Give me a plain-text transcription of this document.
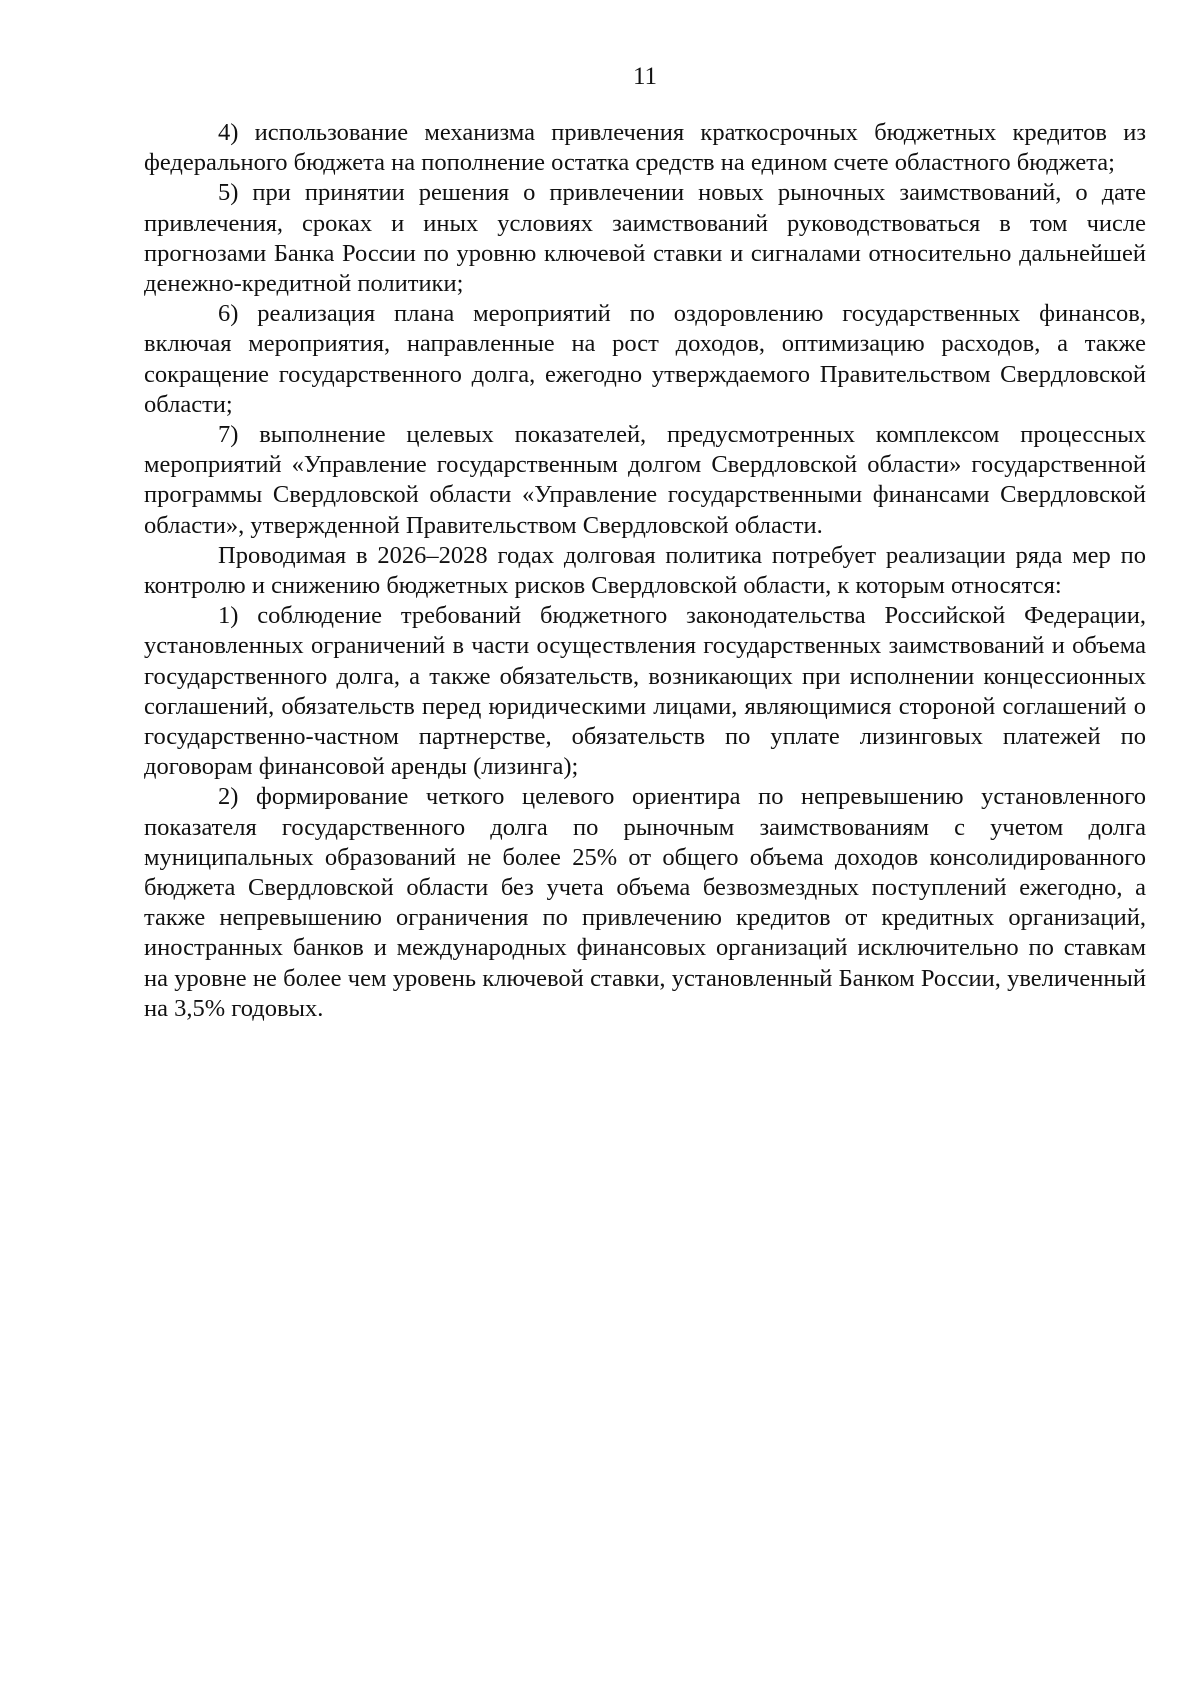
11

4) использование механизма привлечения краткосрочных бюджетных кредитов из федерального бюджета на пополнение остатка средств на едином счете областного бюджета;

5) при принятии решения о привлечении новых рыночных заимствований, о дате привлечения, сроках и иных условиях заимствований руководствоваться в том числе прогнозами Банка России по уровню ключевой ставки и сигналами относительно дальнейшей денежно-кредитной политики;

6) реализация плана мероприятий по оздоровлению государственных финансов, включая мероприятия, направленные на рост доходов, оптимизацию расходов, а также сокращение государственного долга, ежегодно утверждаемого Правительством Свердловской области;

7) выполнение целевых показателей, предусмотренных комплексом процессных мероприятий «Управление государственным долгом Свердловской области» государственной программы Свердловской области «Управление государственными финансами Свердловской области», утвержденной Правительством Свердловской области.

Проводимая в 2026–2028 годах долговая политика потребует реализации ряда мер по контролю и снижению бюджетных рисков Свердловской области, к которым относятся:

1) соблюдение требований бюджетного законодательства Российской Федерации, установленных ограничений в части осуществления государственных заимствований и объема государственного долга, а также обязательств, возникающих при исполнении концессионных соглашений, обязательств перед юридическими лицами, являющимися стороной соглашений о государственно-частном партнерстве, обязательств по уплате лизинговых платежей по договорам финансовой аренды (лизинга);

2) формирование четкого целевого ориентира по непревышению установленного показателя государственного долга по рыночным заимствованиям с учетом долга муниципальных образований не более 25% от общего объема доходов консолидированного бюджета Свердловской области без учета объема безвозмездных поступлений ежегодно, а также непревышению ограничения по привлечению кредитов от кредитных организаций, иностранных банков и международных финансовых организаций исключительно по ставкам на уровне не более чем уровень ключевой ставки, установленный Банком России, увеличенный на 3,5% годовых.
